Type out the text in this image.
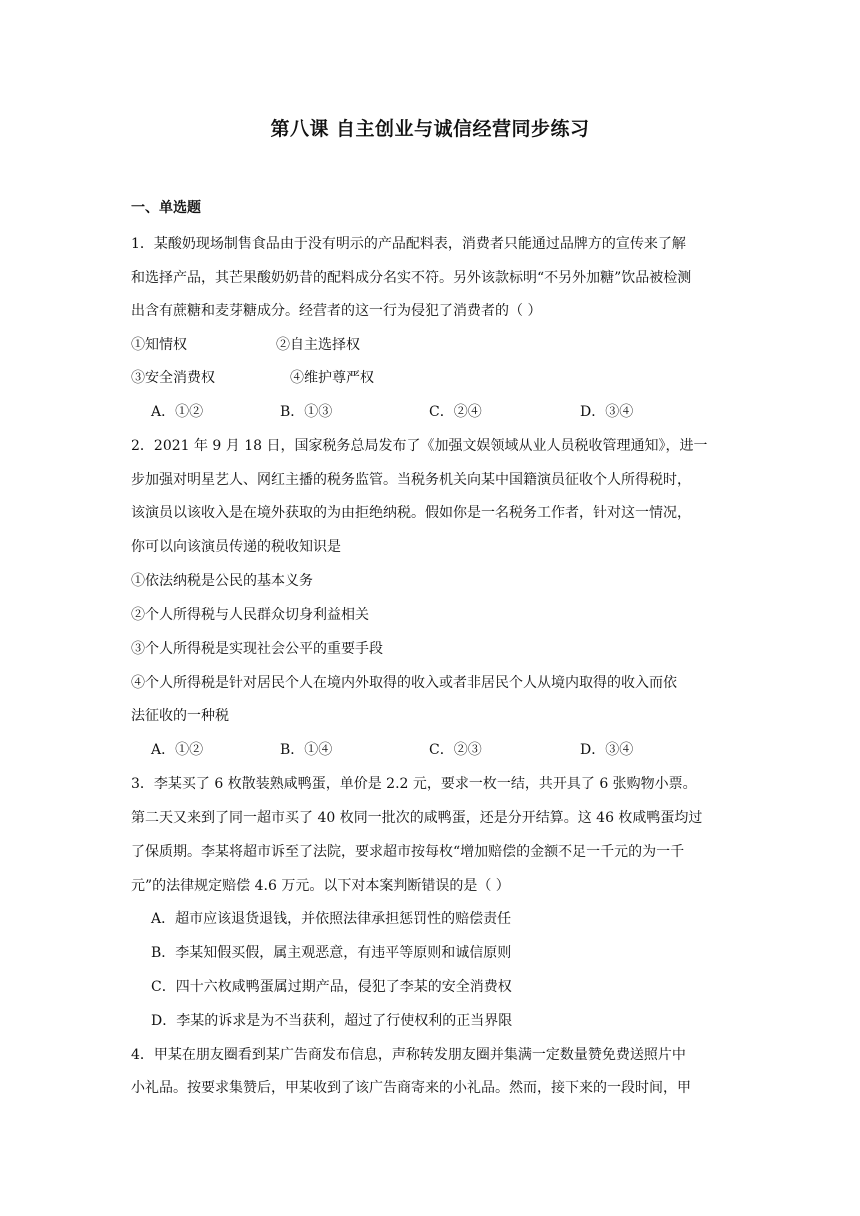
第八课 自主创业与诚信经营同步练习
一、单选题
1．某酸奶现场制售食品由于没有明示的产品配料表，消费者只能通过品牌方的宣传来了解
和选择产品，其芒果酸奶奶昔的配料成分名实不符。另外该款标明“不另外加糖”饮品被检测
出含有蔗糖和麦芽糖成分。经营者的这一行为侵犯了消费者的（ ）
①知情权	②自主选择权
③安全消费权	④维护尊严权
A．①②	B．①③	C．②④	D．③④
2．2021 年 9 月 18 日，国家税务总局发布了《加强文娱领域从业人员税收管理通知》，进一
步加强对明星艺人、网红主播的税务监管。当税务机关向某中国籍演员征收个人所得税时，
该演员以该收入是在境外获取的为由拒绝纳税。假如你是一名税务工作者，针对这一情况，
你可以向该演员传递的税收知识是
①依法纳税是公民的基本义务
②个人所得税与人民群众切身利益相关
③个人所得税是实现社会公平的重要手段
④个人所得税是针对居民个人在境内外取得的收入或者非居民个人从境内取得的收入而依
法征收的一种税
A．①②	B．①④	C．②③	D．③④
3．李某买了 6 枚散装熟咸鸭蛋，单价是 2.2 元，要求一枚一结，共开具了 6 张购物小票。
第二天又来到了同一超市买了 40 枚同一批次的咸鸭蛋，还是分开结算。这 46 枚咸鸭蛋均过
了保质期。李某将超市诉至了法院，要求超市按每枚“增加赔偿的金额不足一千元的为一千
元”的法律规定赔偿 4.6 万元。以下对本案判断错误的是（ ）
A．超市应该退货退钱，并依照法律承担惩罚性的赔偿责任
B．李某知假买假，属主观恶意，有违平等原则和诚信原则
C．四十六枚咸鸭蛋属过期产品，侵犯了李某的安全消费权
D．李某的诉求是为不当获利，超过了行使权利的正当界限
4．甲某在朋友圈看到某广告商发布信息，声称转发朋友圈并集满一定数量赞免费送照片中
小礼品。按要求集赞后，甲某收到了该广告商寄来的小礼品。然而，接下来的一段时间，甲
